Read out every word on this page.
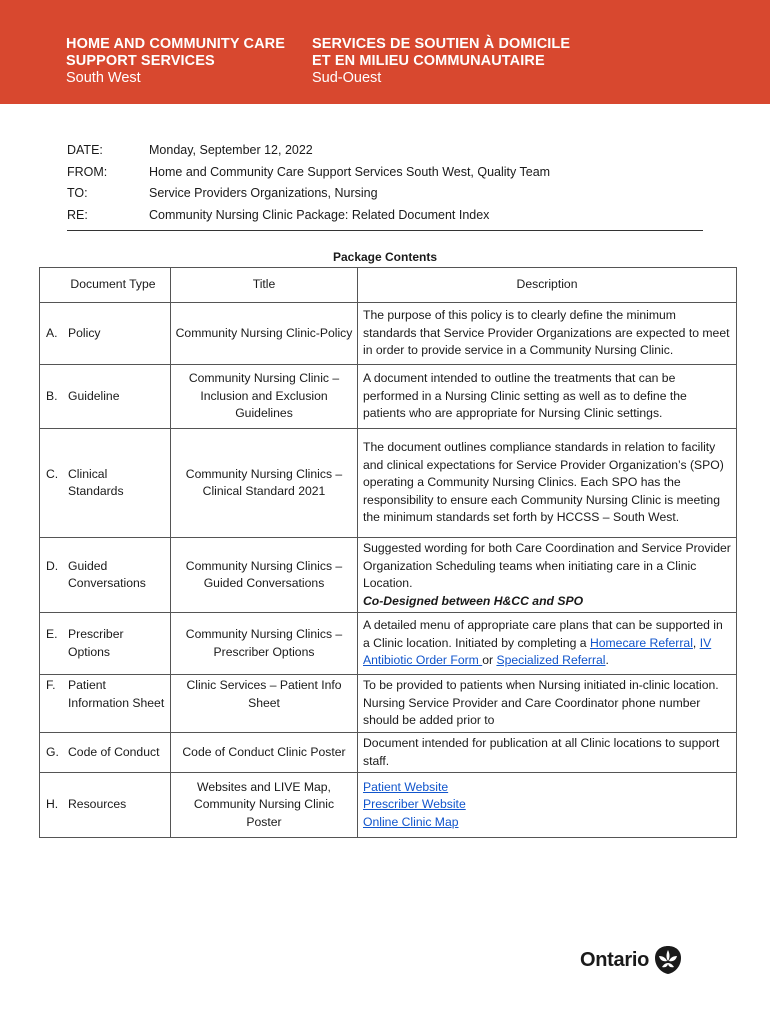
HOME AND COMMUNITY CARE
SUPPORT SERVICES
South West
SERVICES DE SOUTIEN À DOMICILE
ET EN MILIEU COMMUNAUTAIRE
Sud-Ouest
DATE:	Monday, September 12, 2022
FROM:	Home and Community Care Support Services South West, Quality Team
TO:	Service Providers Organizations, Nursing
RE:	Community Nursing Clinic Package: Related Document Index
Package Contents
Document Type	Title	Description

A. Policy	Community Nursing Clinic-Policy	The purpose of this policy is to clearly define the minimum standards that Service Provider Organizations are expected to meet in order to provide service in a Community Nursing Clinic.

B. Guideline	Community Nursing Clinic – Inclusion and Exclusion Guidelines	A document intended to outline the treatments that can be performed in a Nursing Clinic setting as well as to define the patients who are appropriate for Nursing Clinic settings.

C. Clinical Standards	Community Nursing Clinics – Clinical Standard 2021	The document outlines compliance standards in relation to facility and clinical expectations for Service Provider Organization’s (SPO) operating a Community Nursing Clinics. Each SPO has the responsibility to ensure each Community Nursing Clinic is meeting the minimum standards set forth by HCCSS – South West.

D. Guided Conversations	Community Nursing Clinics – Guided Conversations	Suggested wording for both Care Coordination and Service Provider Organization Scheduling teams when initiating care in a Clinic Location.
Co-Designed between H&CC and SPO

E. Prescriber Options	Community Nursing Clinics – Prescriber Options	A detailed menu of appropriate care plans that can be supported in a Clinic location. Initiated by completing a Homecare Referral, IV Antibiotic Order Form or Specialized Referral.

F. Patient Information Sheet	Clinic Services – Patient Info Sheet	To be provided to patients when Nursing initiated in-clinic location. Nursing Service Provider and Care Coordinator phone number should be added prior to

G. Code of Conduct	Code of Conduct Clinic Poster	Document intended for publication at all Clinic locations to support staff.

H. Resources	Websites and LIVE Map, Community Nursing Clinic Poster	Patient Website
Prescriber Website
Online Clinic Map
Ontario
